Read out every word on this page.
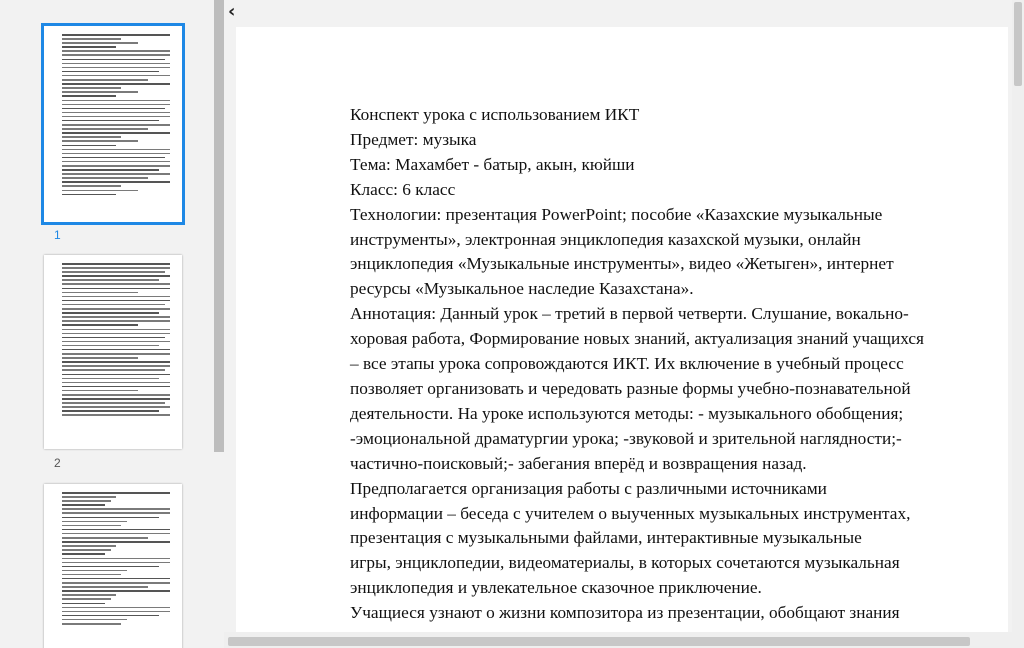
1
2
‹

Конспект урока с использованием ИКТ

Предмет: музыка

Тема: Махамбет - батыр, акын, кюйши

Класс: 6 класс

Технологии: презентация PowerPoint; пособие «Казахские музыкальные

инструменты», электронная энциклопедия казахской музыки, онлайн

энциклопедия «Музыкальные инструменты», видео «Жетыген», интернет

ресурсы «Музыкальное наследие Казахстана».

Аннотация: Данный урок – третий в первой четверти. Слушание, вокально-

хоровая работа, Формирование новых знаний, актуализация знаний учащихся

– все этапы урока сопровождаются ИКТ. Их включение в учебный процесс

позволяет организовать и чередовать разные формы учебно-познавательной

деятельности. На уроке используются методы: - музыкального обобщения;

-эмоциональной драматургии урока; -звуковой и зрительной наглядности;-

частично-поисковый;- забегания вперёд и возвращения назад.

Предполагается организация работы с различными источниками

информации – беседа с учителем о выученных музыкальных инструментах,

презентация с музыкальными файлами, интерактивные музыкальные

игры, энциклопедии, видеоматериалы, в которых сочетаются музыкальная

энциклопедия и увлекательное сказочное приключение.

Учащиеся узнают о жизни композитора из презентации, обобщают знания
